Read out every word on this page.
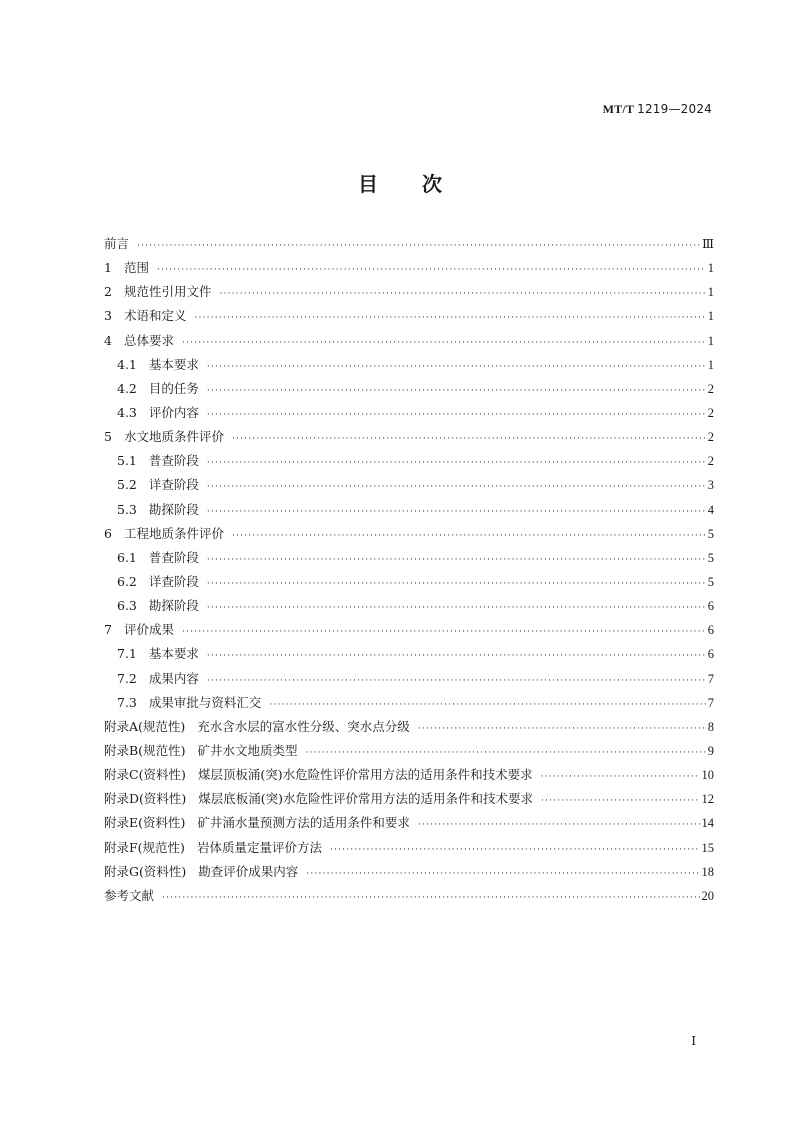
MT/T 1219—2024
目次
前言 ·····	Ⅲ
1 范围 ·····	1
2 规范性引用文件 ·····	1
3 术语和定义 ·····	1
4 总体要求 ·····	1
4.1 基本要求 ·····	1
4.2 目的任务 ·····	2
4.3 评价内容 ·····	2
5 水文地质条件评价 ·····	2
5.1 普查阶段 ·····	2
5.2 详查阶段 ·····	3
5.3 勘探阶段 ·····	4
6 工程地质条件评价 ·····	5
6.1 普查阶段 ·····	5
6.2 详查阶段 ·····	5
6.3 勘探阶段 ·····	6
7 评价成果 ·····	6
7.1 基本要求 ·····	6
7.2 成果内容 ·····	7
7.3 成果审批与资料汇交 ·····	7
附录A(规范性) 充水含水层的富水性分级、突水点分级 ·····	8
附录B(规范性) 矿井水文地质类型 ·····	9
附录C(资料性) 煤层顶板涌(突)水危险性评价常用方法的适用条件和技术要求 ·····	10
附录D(资料性) 煤层底板涌(突)水危险性评价常用方法的适用条件和技术要求 ·····	12
附录E(资料性) 矿井涌水量预测方法的适用条件和要求 ·····	14
附录F(规范性) 岩体质量定量评价方法 ·····	15
附录G(资料性) 勘查评价成果内容 ·····	18
参考文献 ·····	20
Ⅰ
